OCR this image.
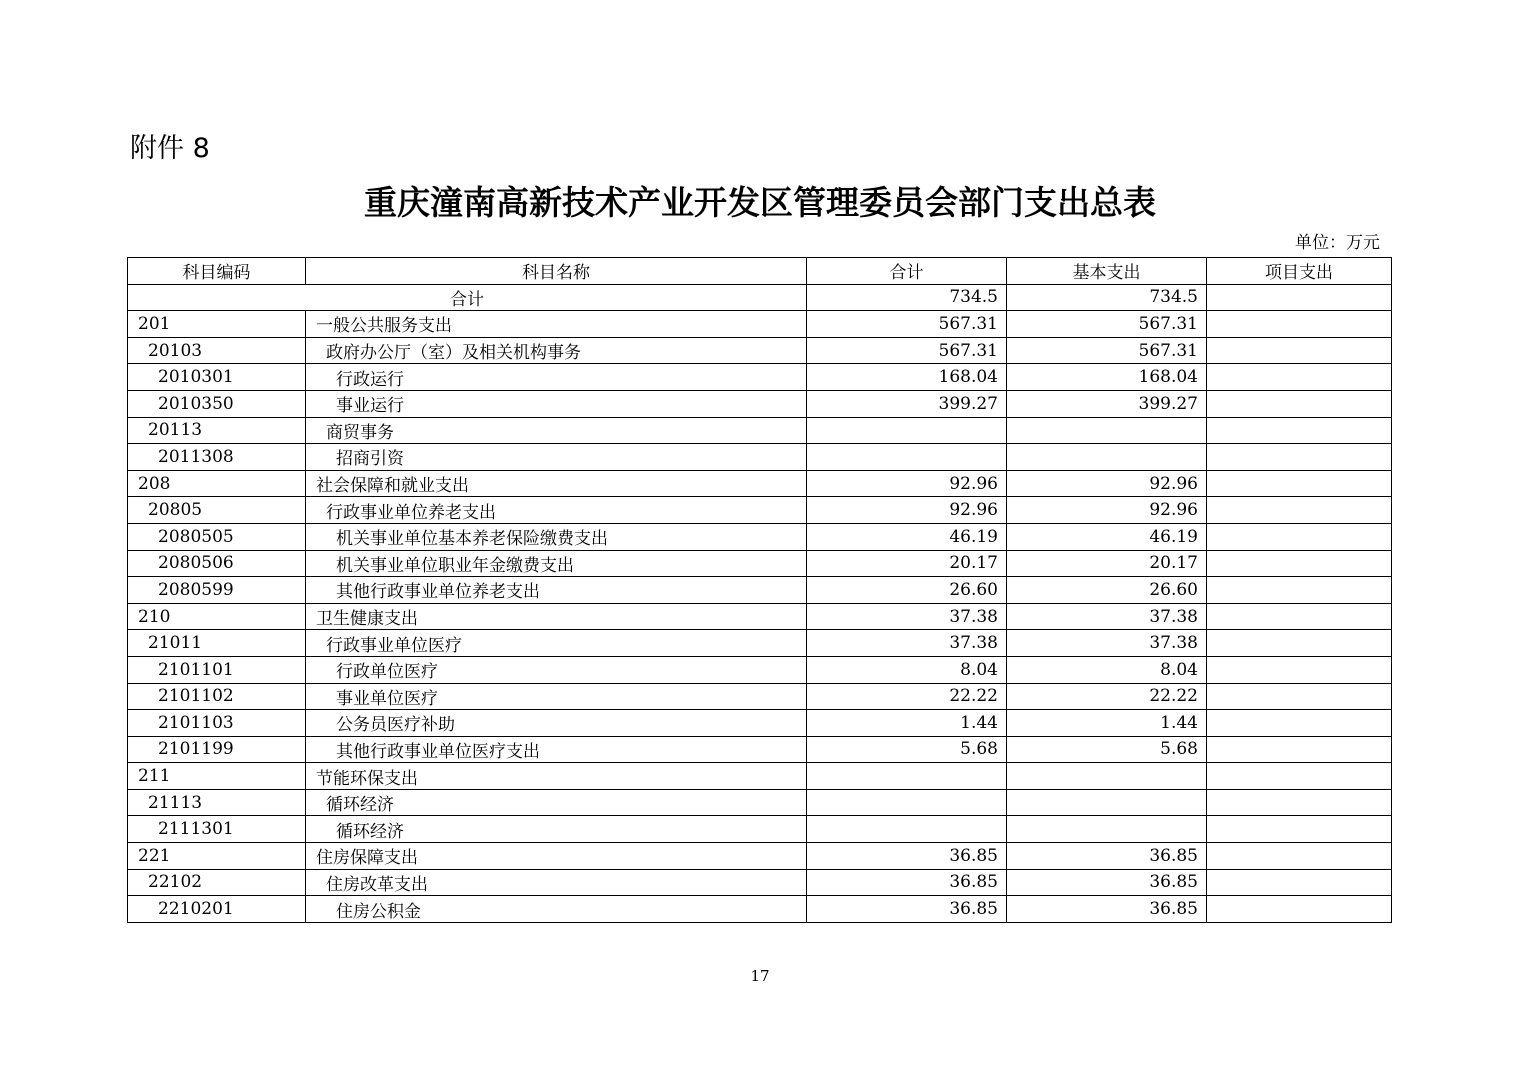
附件 8
重庆潼南高新技术产业开发区管理委员会部门支出总表
单位：万元
科目编码	科目名称	合计	基本支出	项目支出
合计		734.5	734.5	
201	一般公共服务支出	567.31	567.31	
20103	政府办公厅（室）及相关机构事务	567.31	567.31	
2010301	行政运行	168.04	168.04	
2010350	事业运行	399.27	399.27	
20113	商贸事务			
2011308	招商引资			
208	社会保障和就业支出	92.96	92.96	
20805	行政事业单位养老支出	92.96	92.96	
2080505	机关事业单位基本养老保险缴费支出	46.19	46.19	
2080506	机关事业单位职业年金缴费支出	20.17	20.17	
2080599	其他行政事业单位养老支出	26.60	26.60	
210	卫生健康支出	37.38	37.38	
21011	行政事业单位医疗	37.38	37.38	
2101101	行政单位医疗	8.04	8.04	
2101102	事业单位医疗	22.22	22.22	
2101103	公务员医疗补助	1.44	1.44	
2101199	其他行政事业单位医疗支出	5.68	5.68	
211	节能环保支出			
21113	循环经济			
2111301	循环经济			
221	住房保障支出	36.85	36.85	
22102	住房改革支出	36.85	36.85	
2210201	住房公积金	36.85	36.85	
17
